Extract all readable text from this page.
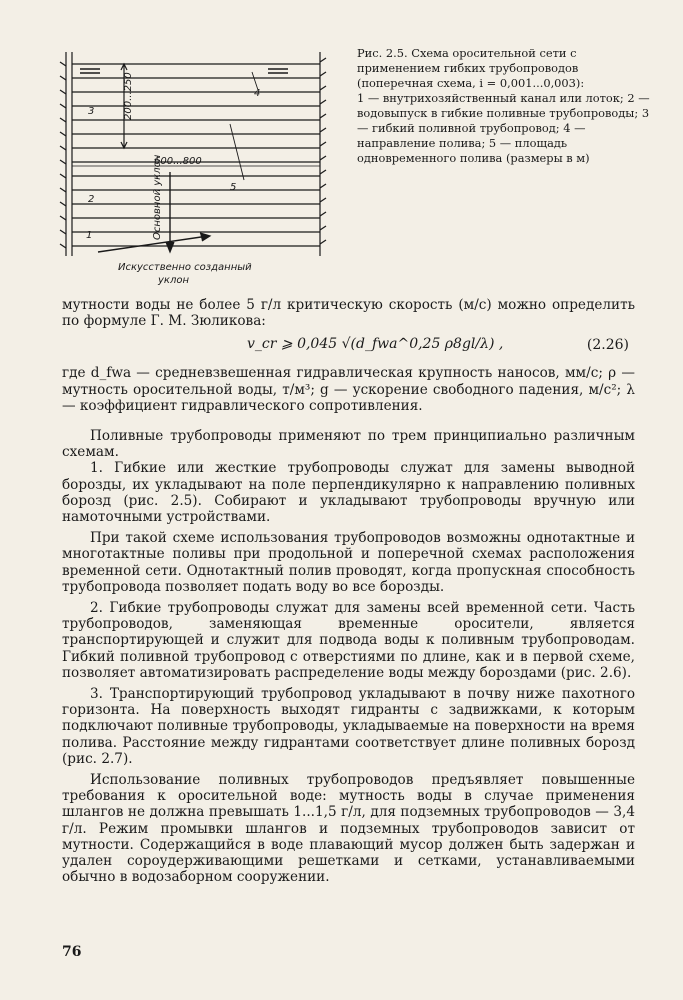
200...250
600...800
Основной уклон
Искусственно созданный
уклон
1
2
3
4
5
Рис. 2.5. Схема оросительной сети с применением гибких трубопроводов (поперечная схема, i = 0,001...0,003):
1 — внутрихозяйственный канал или лоток; 2 — водовыпуск в гибкие поливные трубопроводы; 3 — гибкий поливной трубопровод; 4 — направление полива; 5 — площадь одновременного полива (размеры в м)

мутности воды не более 5 г/л критическую скорость (м/с) можно определить по формуле Г. М. Зюликова:

v_cr ⩾ 0,045 √(d_fwa^0,25 ρ8gl/λ) ,	(2.26)

где d_fwa — средневзвешенная гидравлическая крупность наносов, мм/с; ρ — мутность оросительной воды, т/м³; g — ускорение свободного падения, м/с²; λ — коэффициент гидравлического сопротивления.

Поливные трубопроводы применяют по трем принципиально различным схемам.

1. Гибкие или жесткие трубопроводы служат для замены выводной борозды, их укладывают на поле перпендикулярно к направлению поливных борозд (рис. 2.5). Собирают и укладывают трубопроводы вручную или намоточными устройствами.

При такой схеме использования трубопроводов возможны однотактные и многотактные поливы при продольной и поперечной схемах расположения временной сети. Однотактный полив проводят, когда пропускная способность трубопровода позволяет подать воду во все борозды.

2. Гибкие трубопроводы служат для замены всей временной сети. Часть трубопроводов, заменяющая временные оросители, является транспортирующей и служит для подвода воды к поливным трубопроводам. Гибкий поливной трубопровод с отверстиями по длине, как и в первой схеме, позволяет автоматизировать распределение воды между бороздами (рис. 2.6).

3. Транспортирующий трубопровод укладывают в почву ниже пахотного горизонта. На поверхность выходят гидранты с задвижками, к которым подключают поливные трубопроводы, укладываемые на поверхности на время полива. Расстояние между гидрантами соответствует длине поливных борозд (рис. 2.7).

Использование поливных трубопроводов предъявляет повышенные требования к оросительной воде: мутность воды в случае применения шлангов не должна превышать 1...1,5 г/л, для подземных трубопроводов — 3,4 г/л. Режим промывки шлангов и подземных трубопроводов зависит от мутности. Содержащийся в воде плавающий мусор должен быть задержан и удален сороудерживающими решетками и сетками, устанавливаемыми обычно в водозаборном сооружении.

76
